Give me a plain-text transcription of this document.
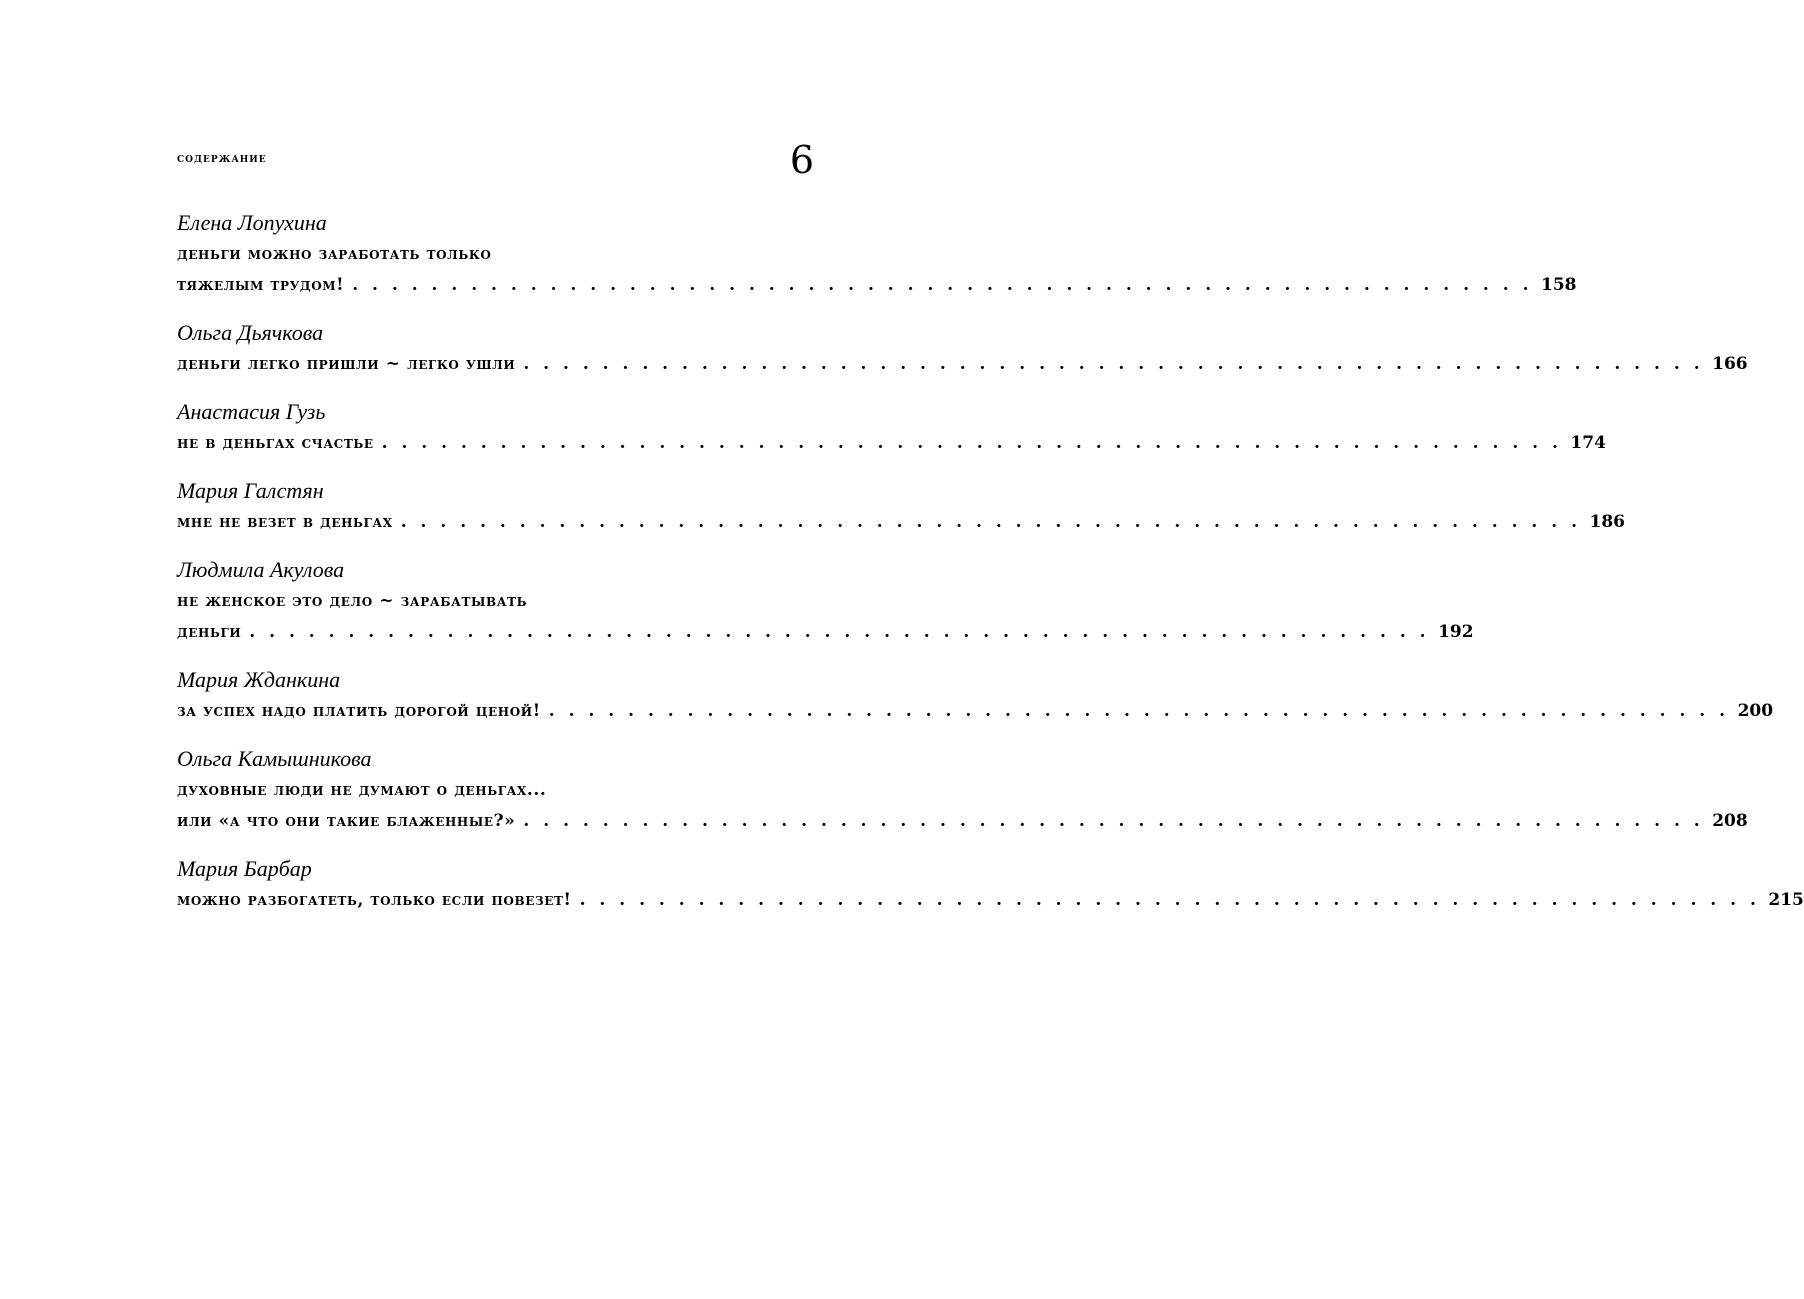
содержание	6
Елена Лопухина
деньги можно заработать только
тяжелым трудом! . . . . . . . . . . . . . . . . . . . . . . . . . . . . . . . . . . . . . . . . . . . . . . . . . . . . . . . . . . . . 158
Ольга Дьячкова
деньги легко пришли ~ легко ушли . . . . . . . . . . . . . . . . . . . . . . . . . . . . . . . . . . . . . . . . . . . . . . . . . . . . . . . . . . . . 166
Анастасия Гузь
не в деньгах счастье . . . . . . . . . . . . . . . . . . . . . . . . . . . . . . . . . . . . . . . . . . . . . . . . . . . . . . . . . . . . 174
Мария Галстян
мне не везет в деньгах . . . . . . . . . . . . . . . . . . . . . . . . . . . . . . . . . . . . . . . . . . . . . . . . . . . . . . . . . . . . 186
Людмила Акулова
не женское это дело ~ зарабатывать
деньги . . . . . . . . . . . . . . . . . . . . . . . . . . . . . . . . . . . . . . . . . . . . . . . . . . . . . . . . . . . . 192
Мария Жданкина
за успех надо платить дорогой ценой! . . . . . . . . . . . . . . . . . . . . . . . . . . . . . . . . . . . . . . . . . . . . . . . . . . . . . . . . . . . . 200
Ольга Камышникова
духовные люди не думают о деньгах...
или «а что они такие блаженные?» . . . . . . . . . . . . . . . . . . . . . . . . . . . . . . . . . . . . . . . . . . . . . . . . . . . . . . . . . . . . 208
Мария Барбар
можно разбогатеть, только если повезет! . . . . . . . . . . . . . . . . . . . . . . . . . . . . . . . . . . . . . . . . . . . . . . . . . . . . . . . . . . . . 215
